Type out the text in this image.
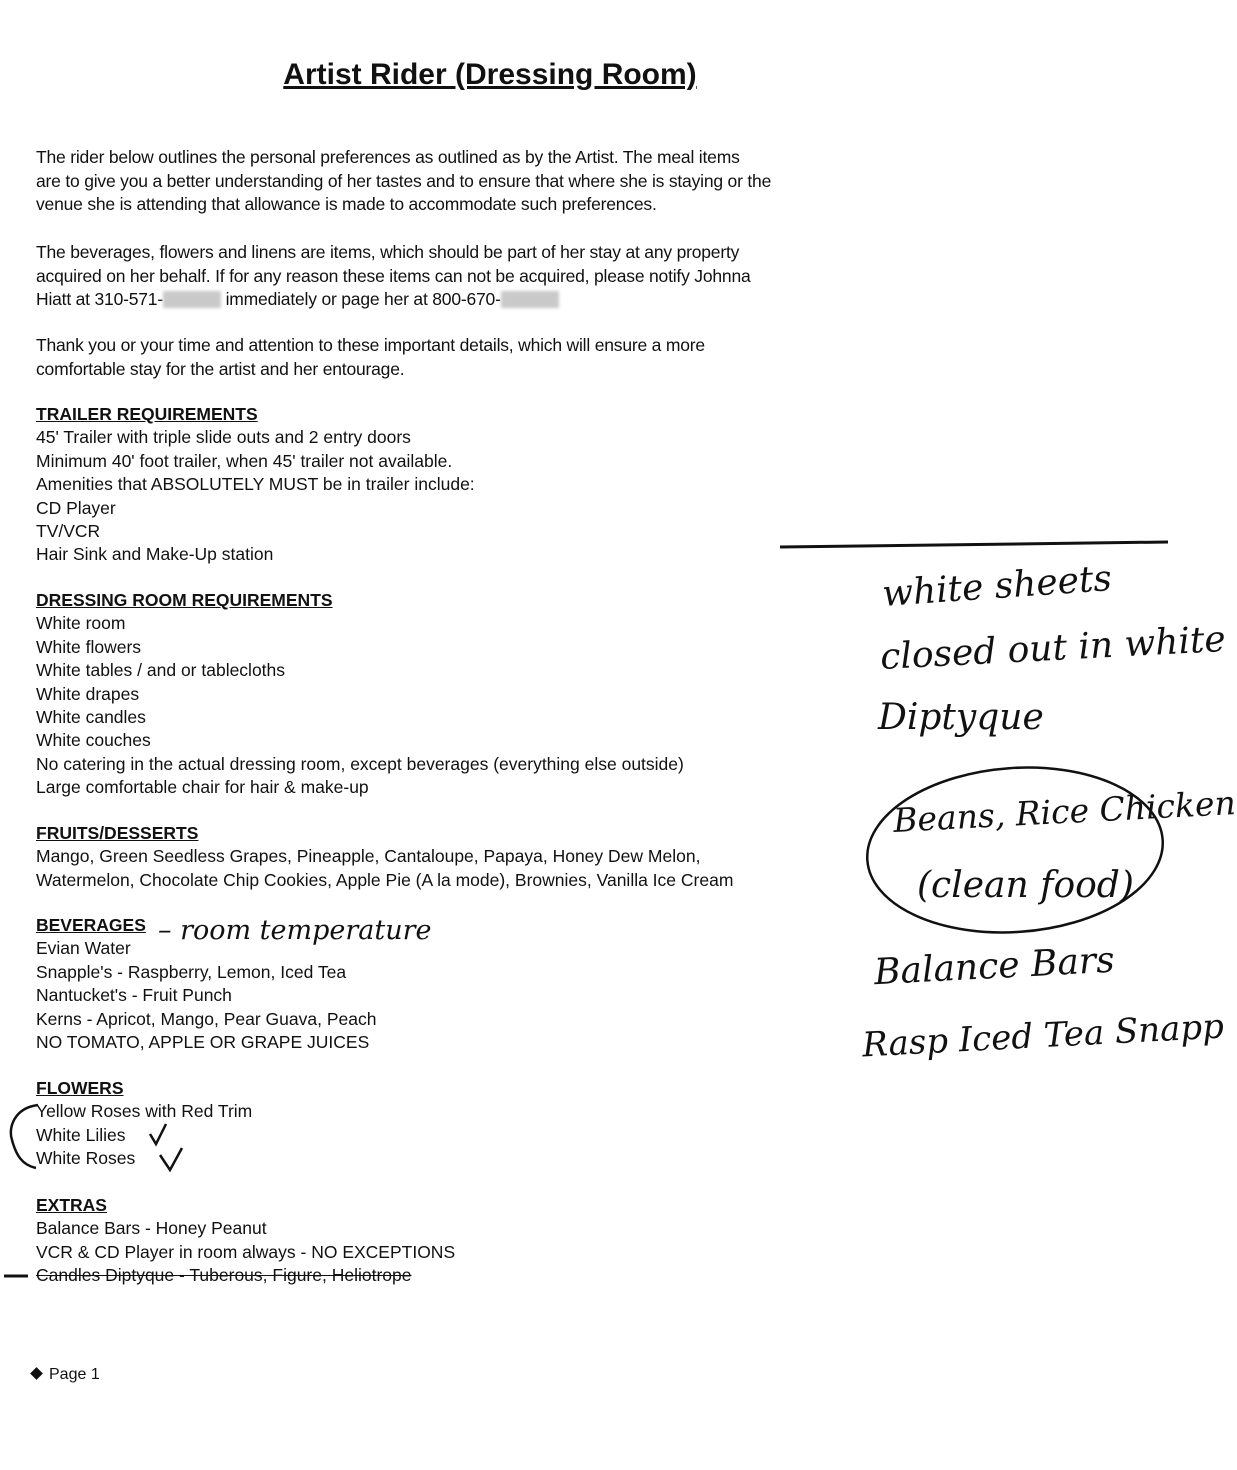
Artist Rider (Dressing Room)

The rider below outlines the personal preferences as outlined as by the Artist. The meal items

are to give you a better understanding of her tastes and to ensure that where she is staying or the

venue she is attending that allowance is made to accommodate such preferences.

The beverages, flowers and linens are items, which should be part of her stay at any property

acquired on her behalf. If for any reason these items can not be acquired, please notify Johnna

Hiatt at 310-571-	immediately or page her at 800-670-

Thank you or your time and attention to these important details, which will ensure a more

comfortable stay for the artist and her entourage.

TRAILER REQUIREMENTS
45' Trailer with triple slide outs and 2 entry doors
Minimum 40' foot trailer, when 45' trailer not available.
Amenities that ABSOLUTELY MUST be in trailer include:
CD Player
TV/VCR
Hair Sink and Make-Up station
DRESSING ROOM REQUIREMENTS
White room
White flowers
White tables / and or tablecloths
White drapes
White candles
White couches
No catering in the actual dressing room, except beverages (everything else outside)
Large comfortable chair for hair & make-up
FRUITS/DESSERTS
Mango, Green Seedless Grapes, Pineapple, Cantaloupe, Papaya, Honey Dew Melon,
Watermelon, Chocolate Chip Cookies, Apple Pie (A la mode), Brownies, Vanilla Ice Cream
BEVERAGES
Evian Water
Snapple's - Raspberry, Lemon, Iced Tea
Nantucket's - Fruit Punch
Kerns - Apricot, Mango, Pear Guava, Peach
NO TOMATO, APPLE OR GRAPE JUICES
FLOWERS
Yellow Roses with Red Trim
White Lilies
White Roses
EXTRAS
Balance Bars - Honey Peanut
VCR & CD Player in room always - NO EXCEPTIONS
Candles Diptyque - Tuberous, Figure, Heliotrope
Page 1
– room temperature
white sheets
closed out in white
Diptyque
Beans, Rice Chicken
(clean food)
Balance Bars
Rasp Iced Tea Snapp
